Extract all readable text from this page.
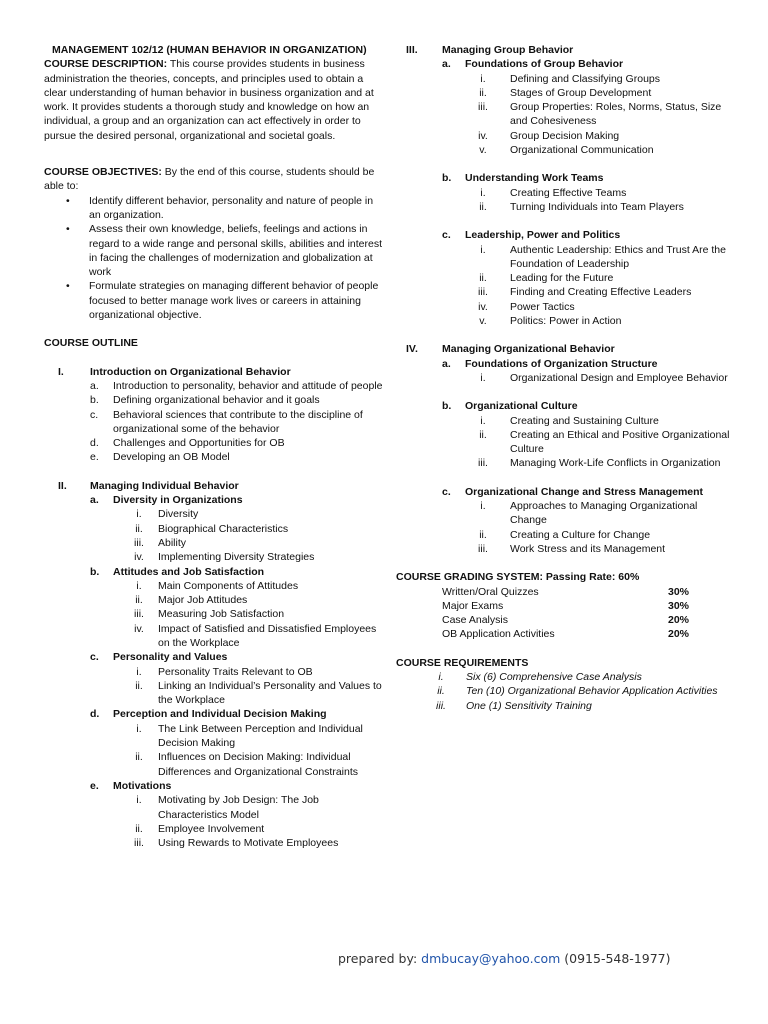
MANAGEMENT 102/12 (HUMAN BEHAVIOR IN ORGANIZATION)

COURSE DESCRIPTION: This course provides students in business administration the theories, concepts, and principles used to obtain a clear understanding of human behavior in business organization and at work. It provides students a thorough study and knowledge on how an individual, a group and an organization can act effectively in order to pursue the desired personal, organizational and societal goals.

COURSE OBJECTIVES: By the end of this course, students should be able to:

• Identify different behavior, personality and nature of people in an organization.
• Assess their own knowledge, beliefs, feelings and actions in regard to a wide range and personal skills, abilities and interest in facing the challenges of modernization and globalization at work
• Formulate strategies on managing different behavior of people focused to better manage work lives or careers in attaining organizational objective.
COURSE OUTLINE
I. Introduction on Organizational Behavior
a. Introduction to personality, behavior and attitude of people
b. Defining organizational behavior and it goals
c. Behavioral sciences that contribute to the discipline of organizational some of the behavior
d. Challenges and Opportunities for OB
e. Developing an OB Model
II. Managing Individual Behavior
a. Diversity in Organizations
i.	Diversity
ii.	Biographical Characteristics
iii.	Ability
iv.	Implementing Diversity Strategies
b. Attitudes and Job Satisfaction
i.	Main Components of Attitudes
ii.	Major Job Attitudes
iii.	Measuring Job Satisfaction
iv.	Impact of Satisfied and Dissatisfied Employees on the Workplace
c. Personality and Values
i.	Personality Traits Relevant to OB
ii.	Linking an Individual’s Personality and Values to the Workplace
d. Perception and Individual Decision Making
i.	The Link Between Perception and Individual Decision Making
ii.	Influences on Decision Making: Individual Differences and Organizational Constraints
e. Motivations
i.	Motivating by Job Design: The Job Characteristics Model
ii.	Employee Involvement
iii.	Using Rewards to Motivate Employees
III. Managing Group Behavior
a. Foundations of Group Behavior
i.	Defining and Classifying Groups
ii.	Stages of Group Development
iii.	Group Properties: Roles, Norms, Status, Size and Cohesiveness
iv.	Group Decision Making
v.	Organizational Communication
b. Understanding Work Teams
i.	Creating Effective Teams
ii.	Turning Individuals into Team Players
c. Leadership, Power and Politics
i.	Authentic Leadership: Ethics and Trust Are the Foundation of Leadership
ii.	Leading for the Future
iii.	Finding and Creating Effective Leaders
iv.	Power Tactics
v.	Politics: Power in Action
IV. Managing Organizational Behavior
a. Foundations of Organization Structure
i.	Organizational Design and Employee Behavior
b. Organizational Culture
i.	Creating and Sustaining Culture
ii.	Creating an Ethical and Positive Organizational Culture
iii.	Managing Work-Life Conflicts in Organization
c. Organizational Change and Stress Management
i.	Approaches to Managing Organizational Change
ii.	Creating a Culture for Change
iii.	Work Stress and its Management
COURSE GRADING SYSTEM: Passing Rate: 60%
Written/Oral Quizzes	30%
Major Exams	30%
Case Analysis	20%
OB Application Activities	20%
COURSE REQUIREMENTS
i.	Six (6) Comprehensive Case Analysis
ii.	Ten (10) Organizational Behavior Application Activities
iii.	One (1) Sensitivity Training
prepared by: dmbucay@yahoo.com (0915-548-1977)
